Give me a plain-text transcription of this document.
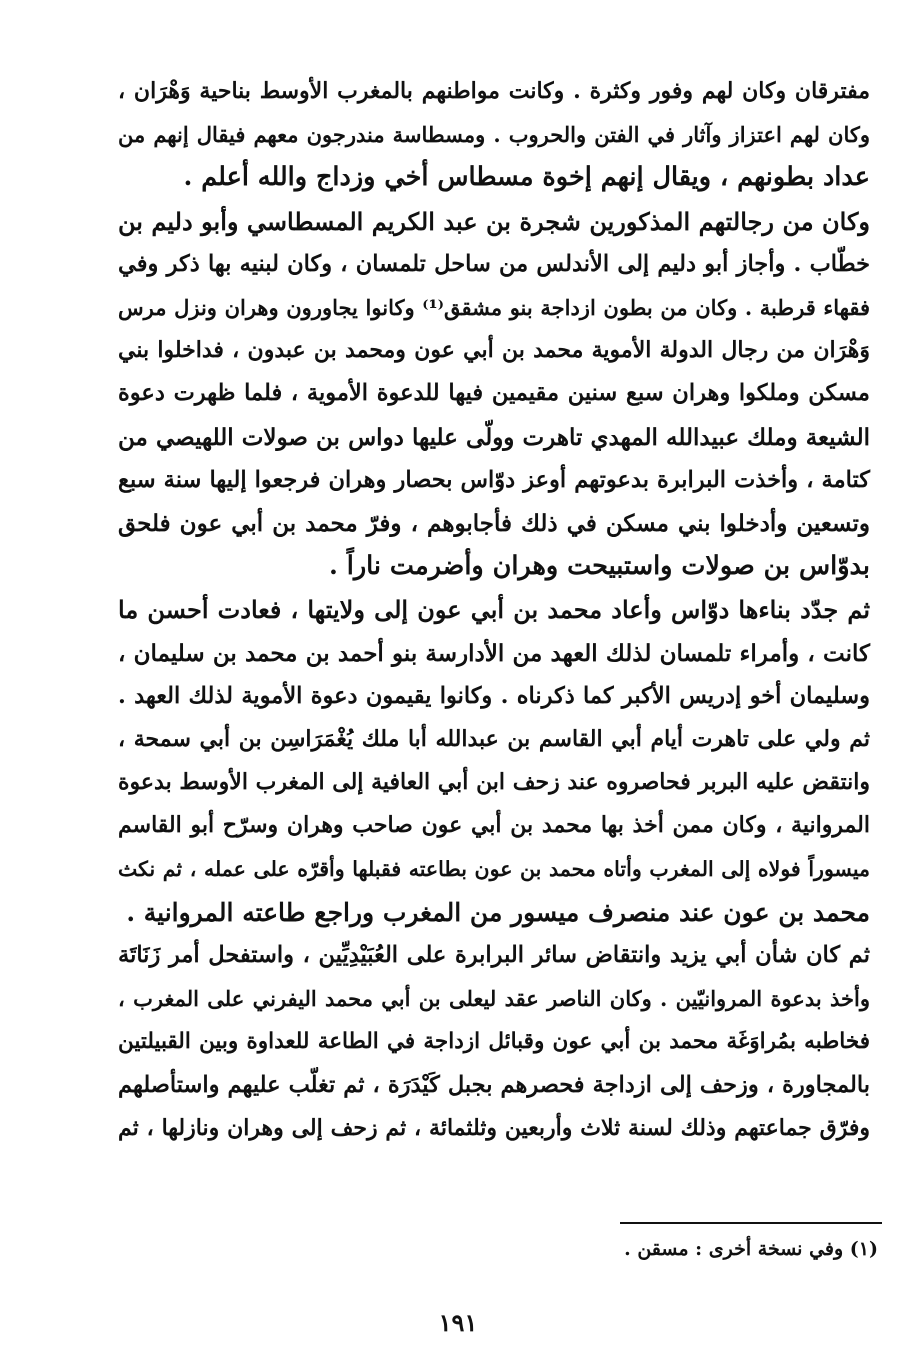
مفترقان وكان لهم وفور وكثرة . وكانت مواطنهم بالمغرب الأوسط بناحية وَهْرَان ،
وكان لهم اعتزاز وآثار في الفتن والحروب . ومسطاسة مندرجون معهم فيقال إنهم من
عداد بطونهم ، ويقال إنهم إخوة مسطاس أخي وزداج والله أعلم .
وكان من رجالتهم المذكورين شجرة بن عبد الكريم المسطاسي وأبو دليم بن
خطّاب . وأجاز أبو دليم إلى الأندلس من ساحل تلمسان ، وكان لبنيه بها ذكر وفي
فقهاء قرطبة . وكان من بطون ازداجة بنو مشقق⁽¹⁾ وكانوا يجاورون وهران ونزل مرس
وَهْرَان من رجال الدولة الأموية محمد بن أبي عون ومحمد بن عبدون ، فداخلوا بني
مسكن وملكوا وهران سبع سنين مقيمين فيها للدعوة الأموية ، فلما ظهرت دعوة
الشيعة وملك عبيدالله المهدي تاهرت وولّى عليها دواس بن صولات اللهيصي من
كتامة ، وأخذت البرابرة بدعوتهم أوعز دوّاس بحصار وهران فرجعوا إليها سنة سبع
وتسعين وأدخلوا بني مسكن في ذلك فأجابوهم ، وفرّ محمد بن أبي عون فلحق
بدوّاس بن صولات واستبيحت وهران وأضرمت ناراً .
ثم جدّد بناءها دوّاس وأعاد محمد بن أبي عون إلى ولايتها ، فعادت أحسن ما
كانت ، وأمراء تلمسان لذلك العهد من الأدارسة بنو أحمد بن محمد بن سليمان ،
وسليمان أخو إدريس الأكبر كما ذكرناه . وكانوا يقيمون دعوة الأموية لذلك العهد .
ثم ولي على تاهرت أيام أبي القاسم بن عبدالله أبا ملك يُغْمَرَاسِن بن أبي سمحة ،
وانتقض عليه البربر فحاصروه عند زحف ابن أبي العافية إلى المغرب الأوسط بدعوة
المروانية ، وكان ممن أخذ بها محمد بن أبي عون صاحب وهران وسرّح أبو القاسم
ميسوراً فولاه إلى المغرب وأتاه محمد بن عون بطاعته فقبلها وأقرّه على عمله ، ثم نكث
محمد بن عون عند منصرف ميسور من المغرب وراجع طاعته المروانية .
ثم كان شأن أبي يزيد وانتقاض سائر البرابرة على العُبَيْدِيِّين ، واستفحل أمر زَنَاتَة
وأخذ بدعوة المروانيّين . وكان الناصر عقد ليعلى بن أبي محمد اليفرني على المغرب ،
فخاطبه بمُراوَغَة محمد بن أبي عون وقبائل ازداجة في الطاعة للعداوة وبين القبيلتين
بالمجاورة ، وزحف إلى ازداجة فحصرهم بجبل كَيْدَرَة ، ثم تغلّب عليهم واستأصلهم
وفرّق جماعتهم وذلك لسنة ثلاث وأربعين وثلثمائة ، ثم زحف إلى وهران ونازلها ، ثم
(١) وفي نسخة أخرى : مسقن .
١٩١
